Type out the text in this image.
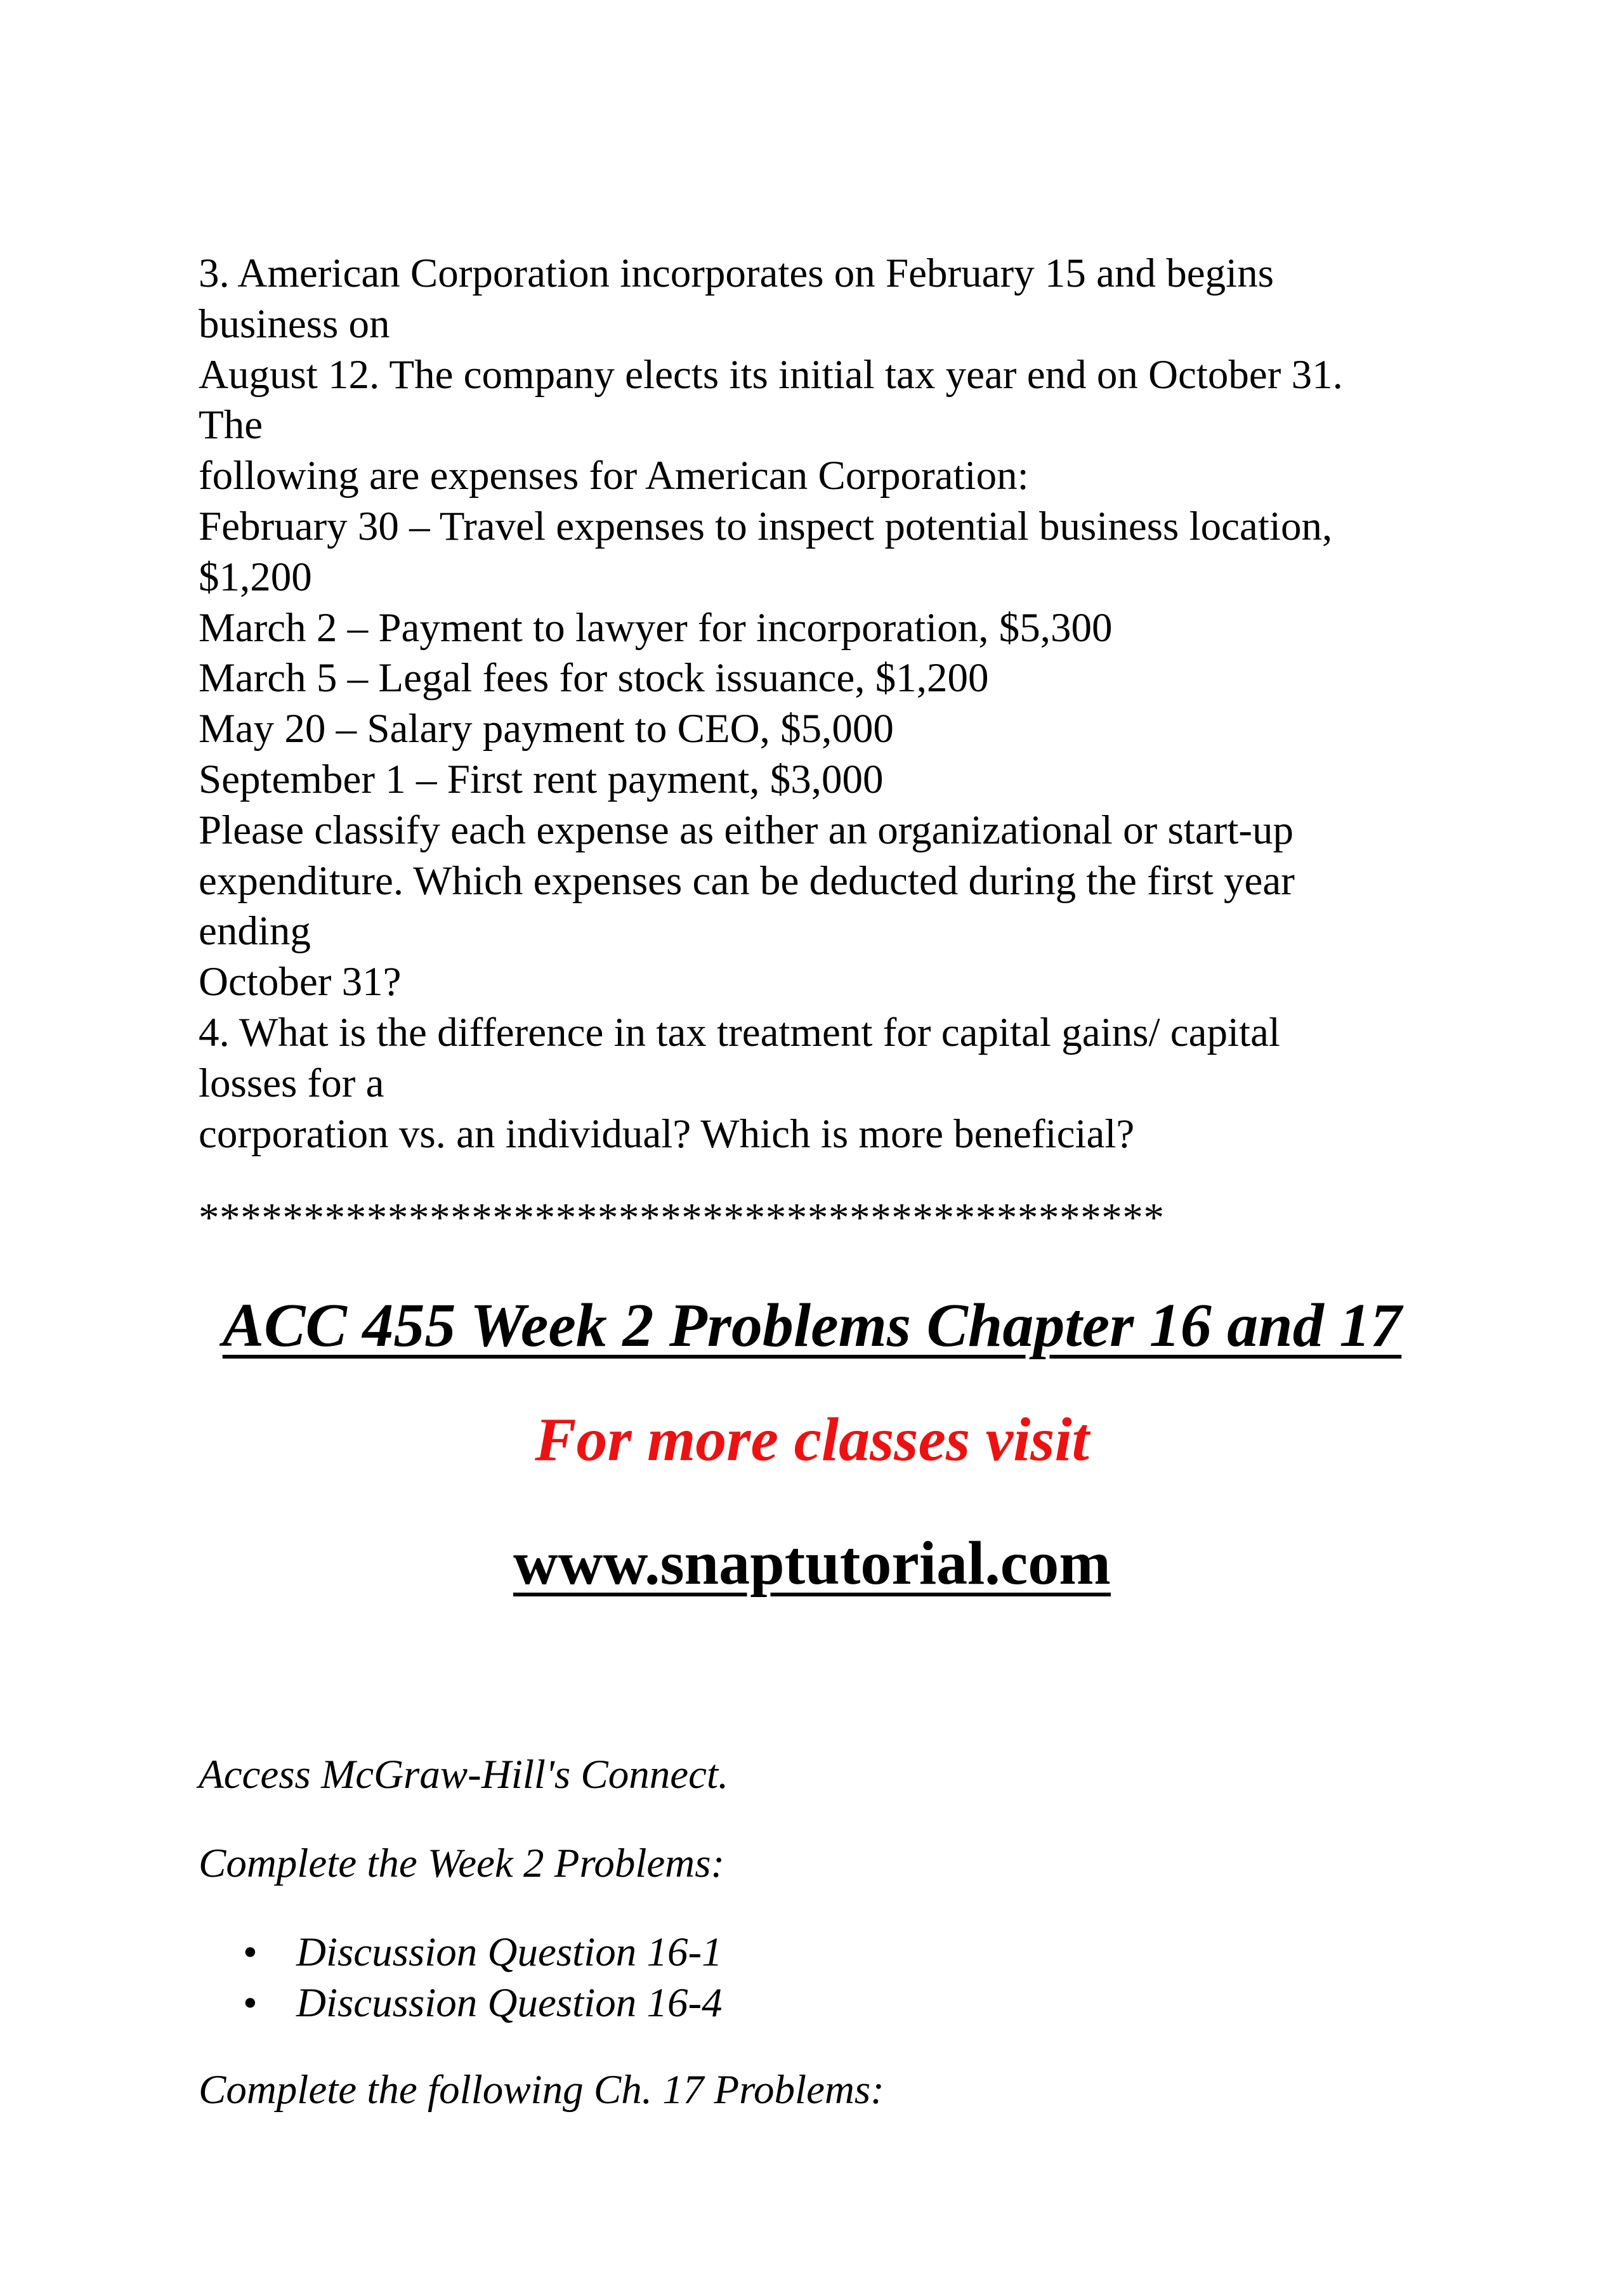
3. American Corporation incorporates on February 15 and begins
business on
August 12. The company elects its initial tax year end on October 31.
The
following are expenses for American Corporation:
February 30 – Travel expenses to inspect potential business location,
$1,200
March 2 – Payment to lawyer for incorporation, $5,300
March 5 – Legal fees for stock issuance, $1,200
May 20 – Salary payment to CEO, $5,000
September 1 – First rent payment, $3,000
Please classify each expense as either an organizational or start-up
expenditure. Which expenses can be deducted during the first year
ending
October 31?
4. What is the difference in tax treatment for capital gains/ capital
losses for a
corporation vs. an individual? Which is more beneficial?
**********************************************
ACC 455 Week 2 Problems Chapter 16 and 17
For more classes visit
www.snaptutorial.com
Access McGraw-Hill's Connect.
Complete the Week 2 Problems:
• Discussion Question 16-1
• Discussion Question 16-4
Complete the following Ch. 17 Problems:
